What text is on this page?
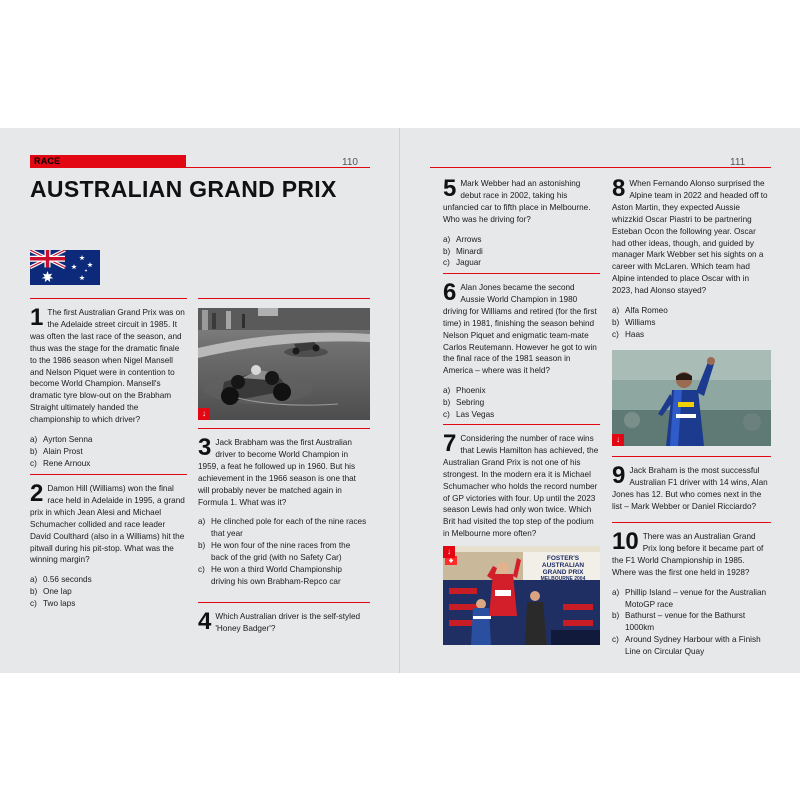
RACE	110	111
AUSTRALIAN GRAND PRIX
1 The first Australian Grand Prix was on the Adelaide street circuit in 1985. It was often the last race of the season, and thus was the stage for the dramatic finale to the 1986 season when Nigel Mansell and Nelson Piquet were in contention to become World Champion. Mansell's dramatic tyre blow-out on the Brabham Straight ultimately handed the championship to which driver?
a) Ayrton Senna
b) Alain Prost
c) Rene Arnoux
2 Damon Hill (Williams) won the final race held in Adelaide in 1995, a grand prix in which Jean Alesi and Michael Schumacher collided and race leader David Coulthard (also in a Williams) hit the pitwall during his pit-stop. What was the winning margin?
a) 0.56 seconds
b) One lap
c) Two laps
↓
3 Jack Brabham was the first Australian driver to become World Champion in 1959, a feat he followed up in 1960. But his achievement in the 1966 season is one that will probably never be matched again in Formula 1. What was it?
a) He clinched pole for each of the nine races that year
b) He won four of the nine races from the back of the grid (with no Safety Car)
c) He won a third World Championship driving his own Brabham-Repco car
4 Which Australian driver is the self-styled 'Honey Badger'?
5 Mark Webber had an astonishing debut race in 2002, taking his unfancied car to fifth place in Melbourne. Who was he driving for?
a) Arrows
b) Minardi
c) Jaguar
6 Alan Jones became the second Aussie World Champion in 1980 driving for Williams and retired (for the first time) in 1981, finishing the season behind Nelson Piquet and enigmatic team-mate Carlos Reutemann. However he got to win the final race of the 1981 season in America – where was it held?
a) Phoenix
b) Sebring
c) Las Vegas
7 Considering the number of race wins that Lewis Hamilton has achieved, the Australian Grand Prix is not one of his strongest. In the modern era it is Michael Schumacher who holds the record number of GP victories with four. Up until the 2023 season Lewis had only won twice. Which Brit had visited the top step of the podium in Melbourne more often?
FOSTER'S
AUSTRALIAN
GRAND PRIX
MELBOURNE 2004
↓
8 When Fernando Alonso surprised the Alpine team in 2022 and headed off to Aston Martin, they expected Aussie whizzkid Oscar Piastri to be partnering Esteban Ocon the following year. Oscar had other ideas, though, and guided by manager Mark Webber set his sights on a career with McLaren. Which team had Alpine intended to place Oscar with in 2023, had Alonso stayed?
a) Alfa Romeo
b) Williams
c) Haas
↓
9 Jack Braham is the most successful Australian F1 driver with 14 wins, Alan Jones has 12. But who comes next in the list – Mark Webber or Daniel Ricciardo?
10 There was an Australian Grand Prix long before it became part of the F1 World Championship in 1985. Where was the first one held in 1928?
a) Phillip Island – venue for the Australian MotoGP race
b) Bathurst – venue for the Bathurst 1000km
c) Around Sydney Harbour with a Finish Line on Circular Quay
